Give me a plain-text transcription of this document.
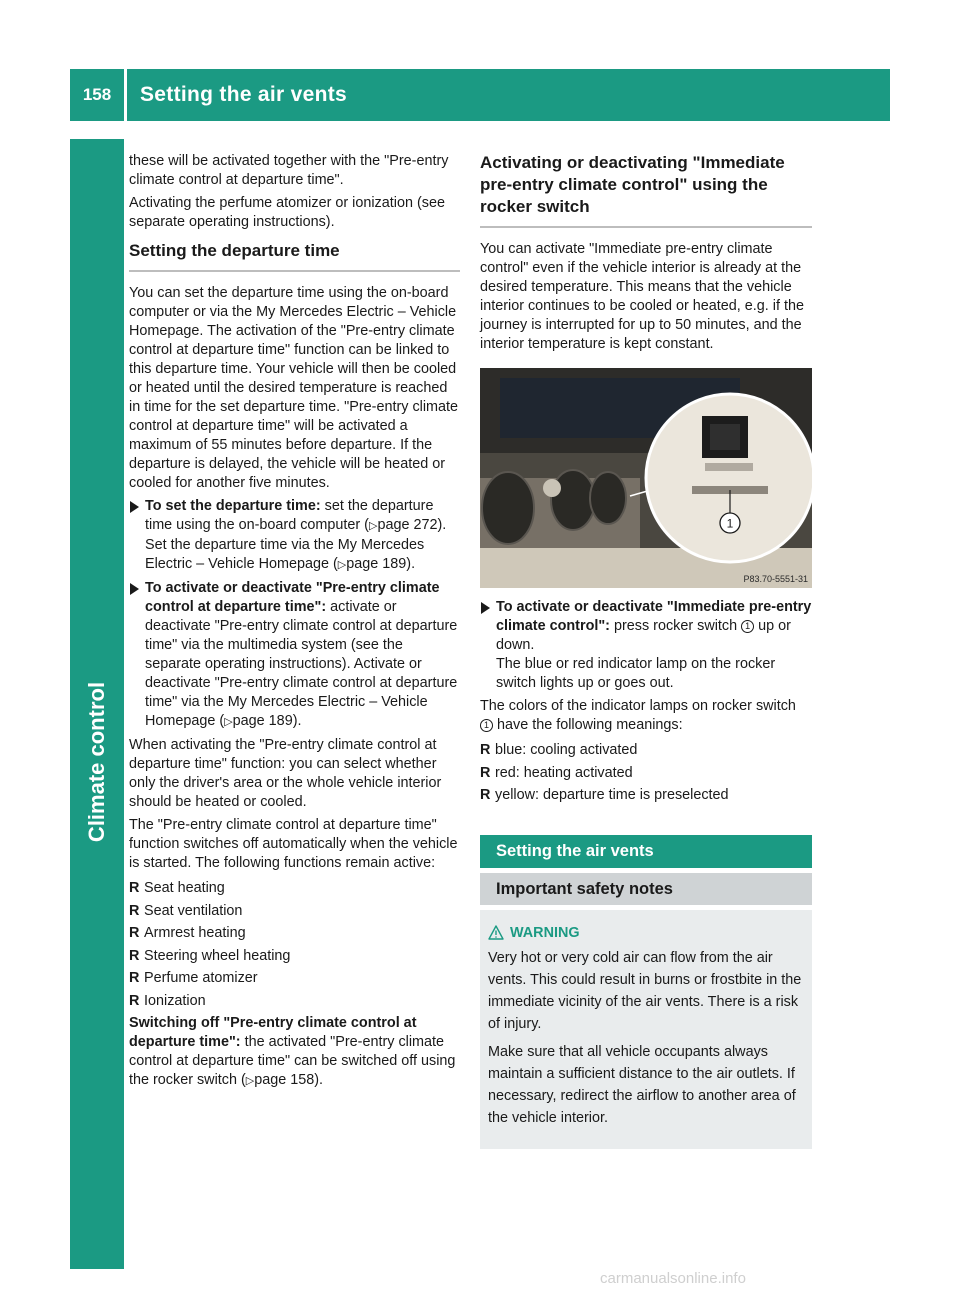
158	Setting the air vents
Climate control

these will be activated together with the "Pre-entry climate control at departure time".

Activating the perfume atomizer or ionization (see separate operating instructions).

Setting the departure time

You can set the departure time using the on-board computer or via the My Mercedes Electric – Vehicle Homepage. The activation of the "Pre-entry climate control at departure time" function can be linked to this departure time. Your vehicle will then be cooled or heated until the desired temperature is reached in time for the set departure time. "Pre-entry climate control at departure time" will be activated a maximum of 55 minutes before departure. If the departure is delayed, the vehicle will be heated or cooled for another five minutes.

To set the departure time: set the departure time using the on-board computer (▷page 272). Set the departure time via the My Mercedes Electric – Vehicle Homepage (▷page 189).
To activate or deactivate "Pre-entry climate control at departure time": activate or deactivate "Pre-entry climate control at departure time" via the multimedia system (see the separate operating instructions). Activate or deactivate "Pre-entry climate control at departure time" via the My Mercedes Electric – Vehicle Homepage (▷page 189).

When activating the "Pre-entry climate control at departure time" function: you can select whether only the driver's area or the whole vehicle interior should be heated or cooled.

The "Pre-entry climate control at departure time" function switches off automatically when the vehicle is started. The following functions remain active:

R Seat heating
R Seat ventilation
R Armrest heating
R Steering wheel heating
R Perfume atomizer
R Ionization

Switching off "Pre-entry climate control at departure time": the activated "Pre-entry climate control at departure time" can be switched off using the rocker switch (▷page 158).

Activating or deactivating "Immediate pre-entry climate control" using the rocker switch

You can activate "Immediate pre-entry climate control" even if the vehicle interior is already at the desired temperature. This means that the vehicle interior continues to be cooled or heated, e.g. if the journey is interrupted for up to 50 minutes, and the interior temperature is kept constant.

1
P83.70-5551-31
To activate or deactivate "Immediate pre-entry climate control": press rocker switch 1 up or down.
The blue or red indicator lamp on the rocker switch lights up or goes out.

The colors of the indicator lamps on rocker switch 1 have the following meanings:

R blue: cooling activated
R red: heating activated
R yellow: departure time is preselected
Setting the air vents
Important safety notes
WARNING

Very hot or very cold air can flow from the air vents. This could result in burns or frostbite in the immediate vicinity of the air vents. There is a risk of injury.

Make sure that all vehicle occupants always maintain a sufficient distance to the air outlets. If necessary, redirect the airflow to another area of the vehicle interior.

carmanualsonline.info
